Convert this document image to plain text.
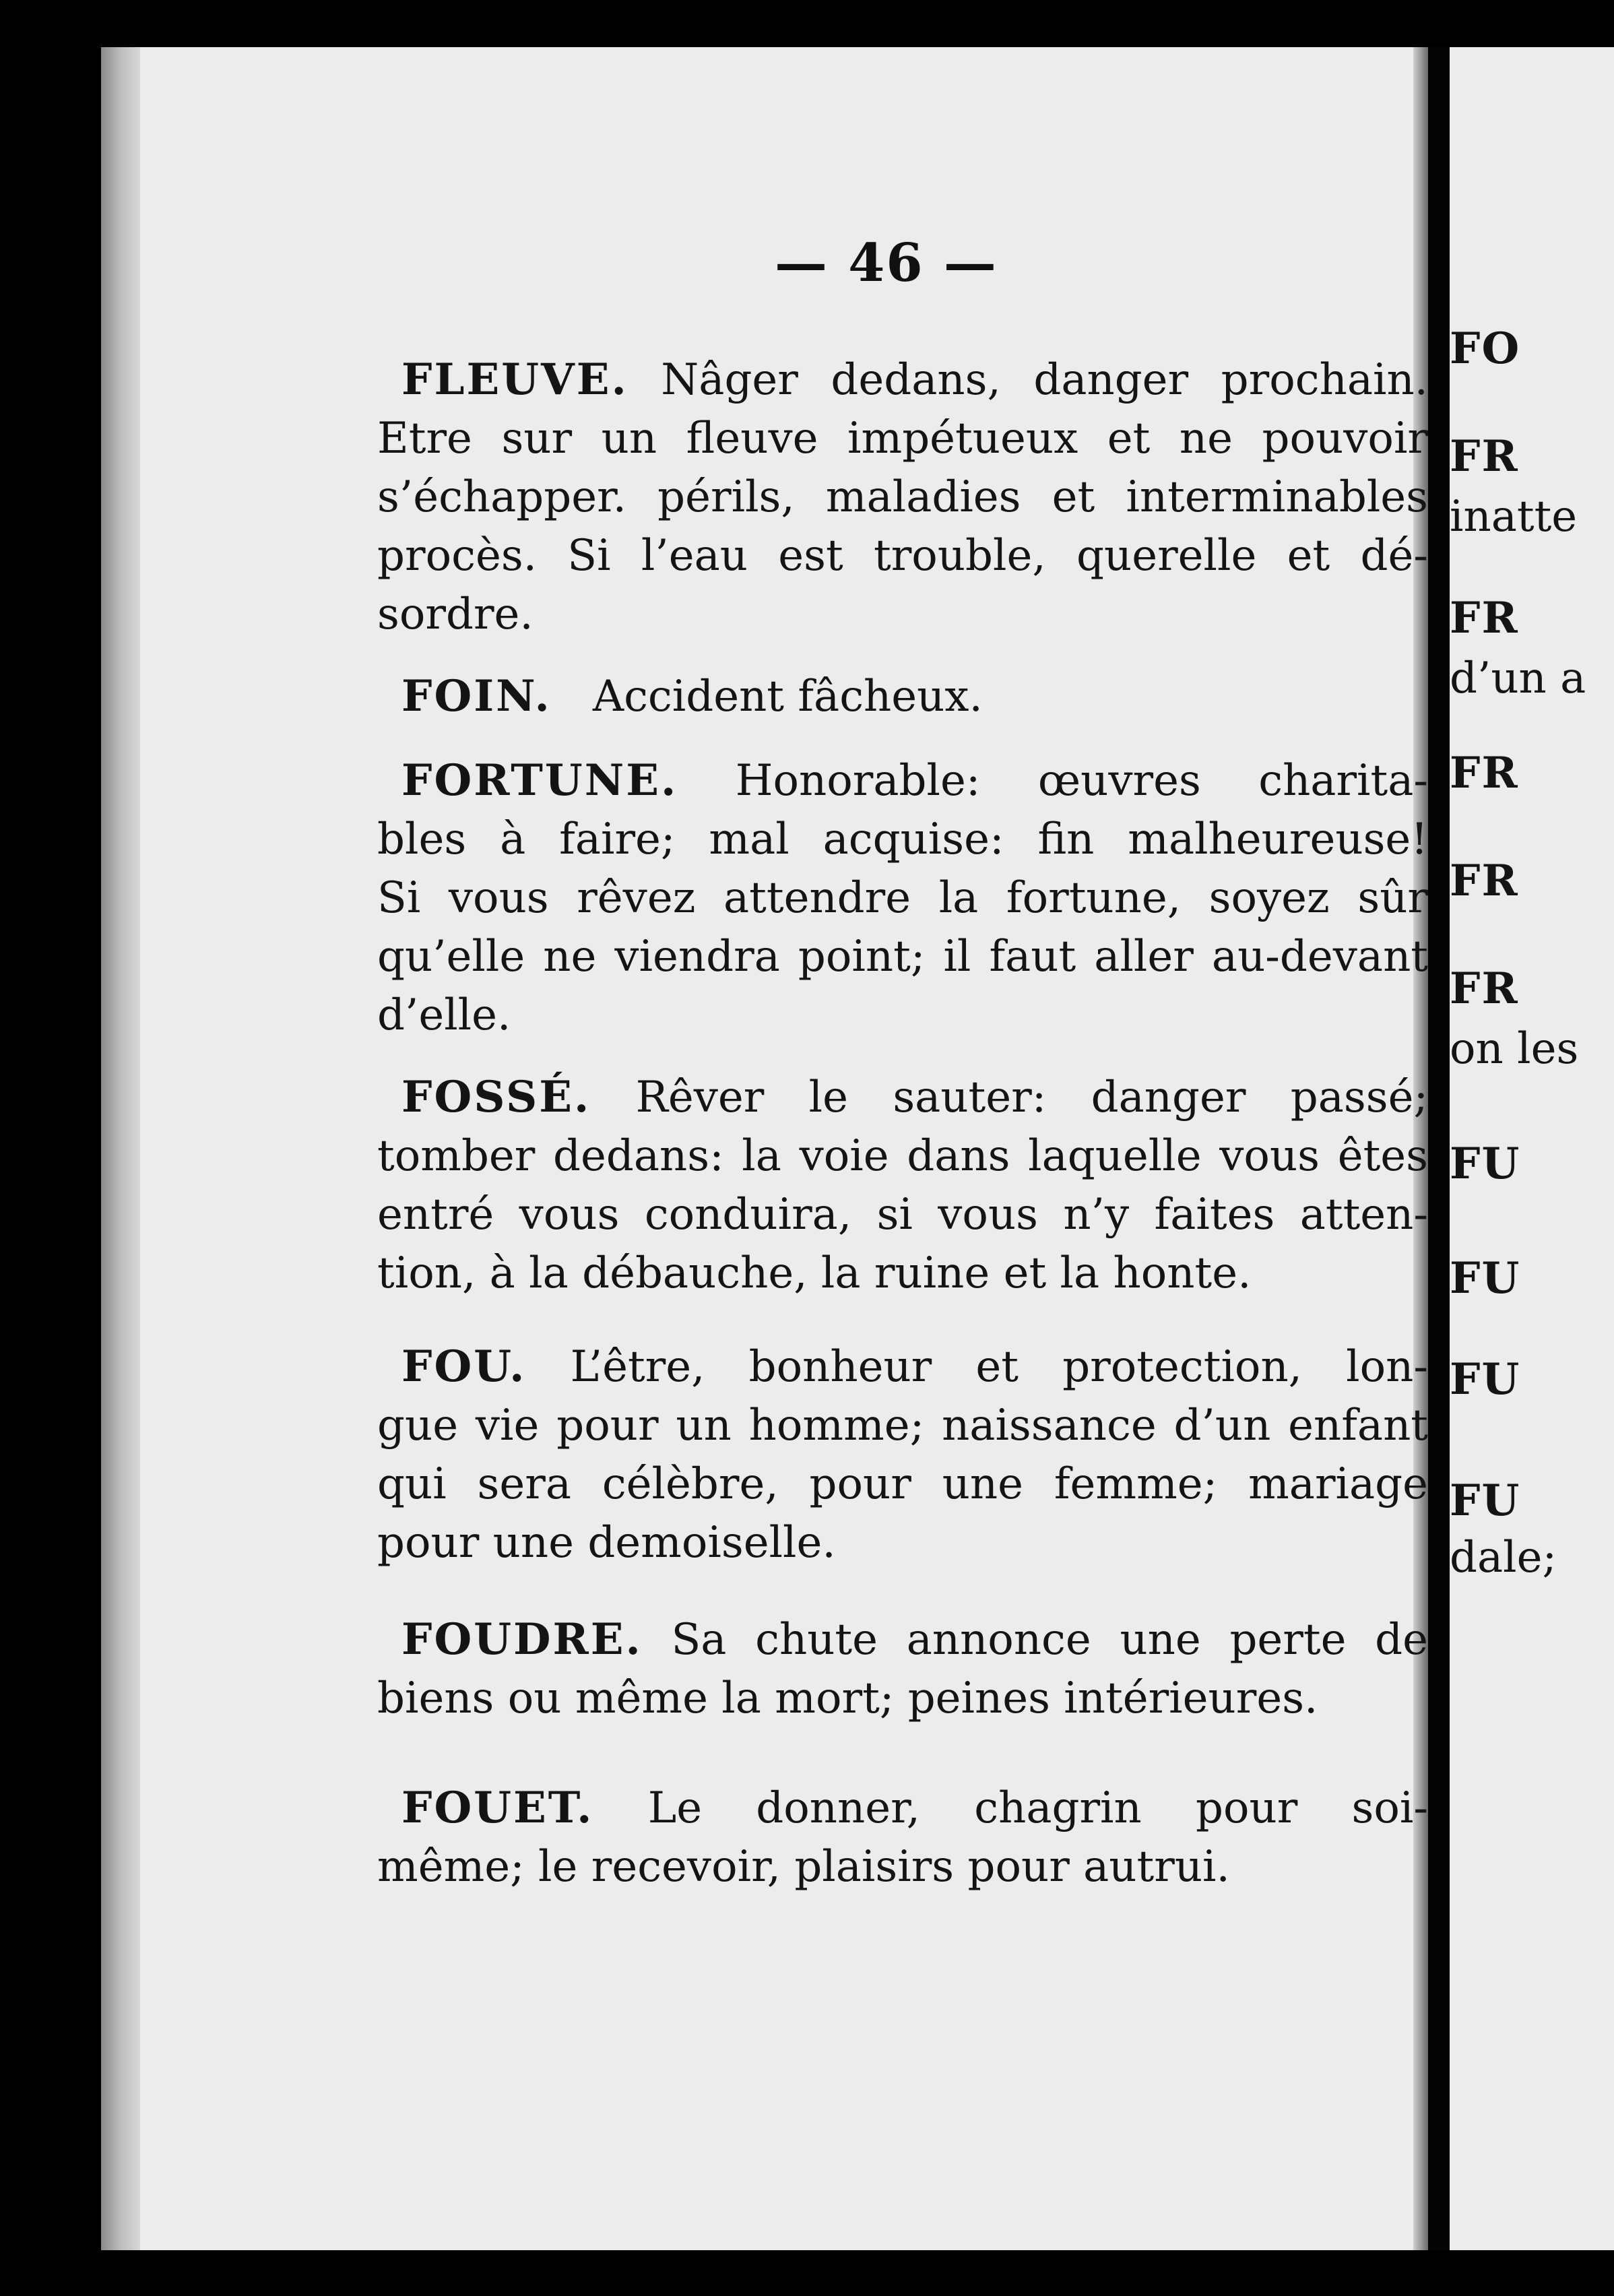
FO
FR
inatte
FR
d’un a
FR
FR
FR
on les
FU
FU
FU
FU
dale;
— 46 —
FLEUVE. Nâger dedans, danger prochain.
Etre sur un fleuve impétueux et ne pouvoir
s’échapper. périls, maladies et interminables
procès. Si l’eau est trouble, querelle et dé-
sordre.
FOIN. Accident fâcheux.
FORTUNE. Honorable: œuvres charita-
bles à faire; mal acquise: fin malheureuse!
Si vous rêvez attendre la fortune, soyez sûr
qu’elle ne viendra point; il faut aller au-devant
d’elle.
FOSSÉ. Rêver le sauter: danger passé;
tomber dedans: la voie dans laquelle vous êtes
entré vous conduira, si vous n’y faites atten-
tion, à la débauche, la ruine et la honte.
FOU. L’être, bonheur et protection, lon-
gue vie pour un homme; naissance d’un enfant
qui sera célèbre, pour une femme; mariage
pour une demoiselle.
FOUDRE. Sa chute annonce une perte de
biens ou même la mort; peines intérieures.
FOUET. Le donner, chagrin pour soi-
même; le recevoir, plaisirs pour autrui.
